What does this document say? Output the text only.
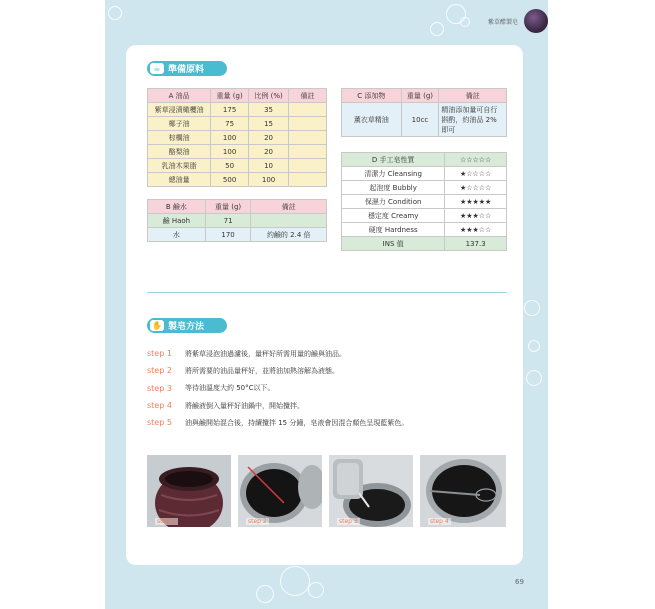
紫草醋製皂
☕ 準備原料
A 油品	重量 (g)	比例 (%)	備註
紫草浸漬橄欖油	175	35	
椰子油	75	15	
棕櫚油	100	20	
酪梨油	100	20	
乳油木果脂	50	10	
總油量	500	100	
B 鹼水	重量 (g)	備註
鹼 Haoh	71	
水	170	約鹼的 2.4 倍
C 添加物	重量 (g)	備註
薰衣草精油	10cc	精油添加量可自行斟酌，約油品 2% 即可
D 手工皂性質	☆☆☆☆☆
清潔力 Cleansing	★☆☆☆☆
起泡度 Bubbly	★☆☆☆☆
保濕力 Condition	★★★★★
穩定度 Creamy	★★★☆☆
硬度 Hardness	★★★☆☆
INS 值	137.3
✋ 製皂方法
step 1	將紫草浸泡油過濾後，量秤好所需用量的鹼與油品。
step 2	將所需要的油品量秤好，並將油加熱溶解為液態。
step 3	等待油溫度大約 50°C以下。
step 4	將鹼液倒入量秤好油鍋中，開始攪拌。
step 5	油與鹼開始混合後，持續攪拌 15 分鐘，皂液會因混合顏色呈現藍紫色。
step 1	step 2	step 3	step 4
69
